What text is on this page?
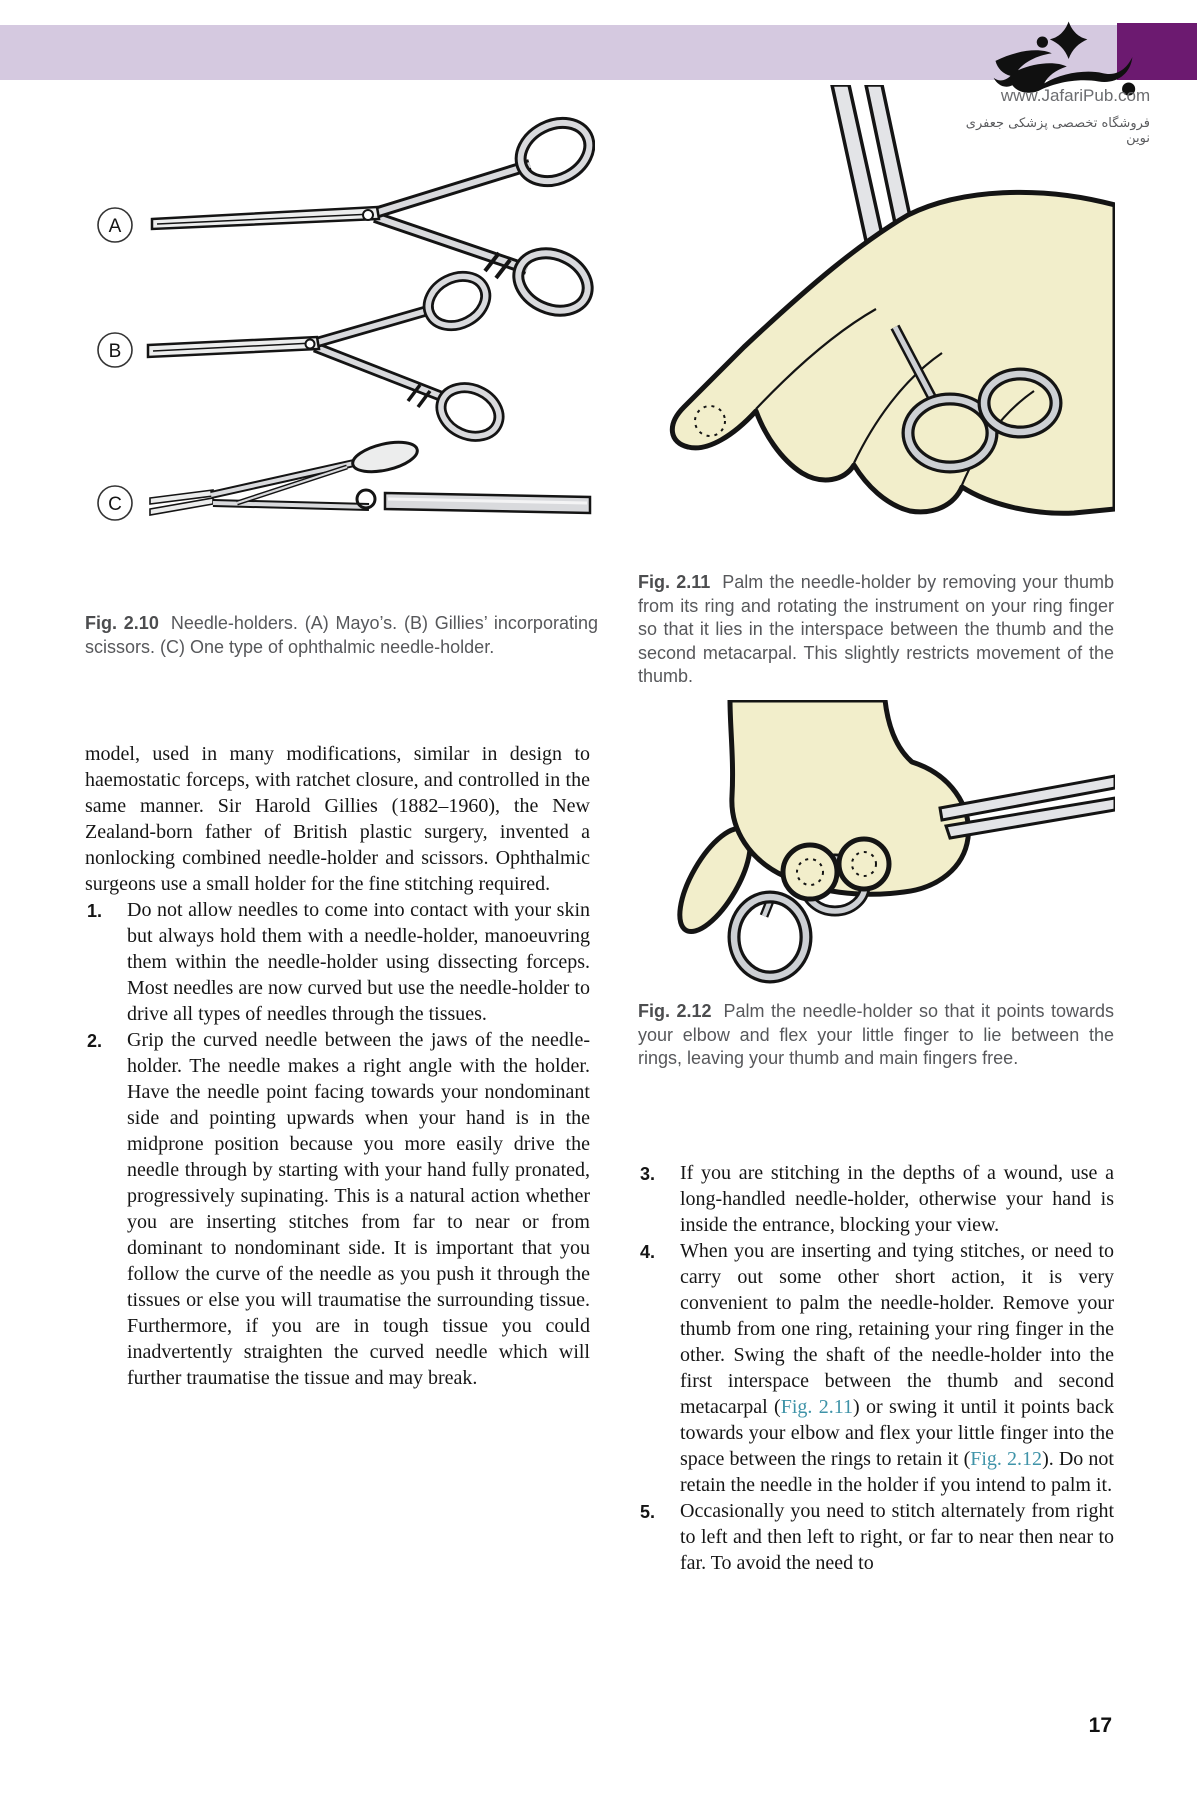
www.JafariPub.com
فروشگاه تخصصی پزشکی جعفری نوین
A
B
C
Fig. 2.10 Needle-holders. (A) Mayo’s. (B) Gillies’ incorporating scissors. (C) One type of ophthalmic needle-holder.

model, used in many modifications, similar in design to haemostatic forceps, with ratchet closure, and controlled in the same manner. Sir Harold Gillies (1882–1960), the New Zealand-born father of British plastic surgery, invented a nonlocking combined needle-holder and scissors. Ophthalmic surgeons use a small holder for the fine stitching required.

1. Do not allow needles to come into contact with your skin but always hold them with a needle-holder, manoeuvring them within the needle-holder using dissecting forceps. Most needles are now curved but use the needle-holder to drive all types of needles through the tissues.
2. Grip the curved needle between the jaws of the needle-holder. The needle makes a right angle with the holder. Have the needle point facing towards your nondominant side and pointing upwards when your hand is in the midprone position because you more easily drive the needle through by starting with your hand fully pronated, progressively supinating. This is a natural action whether you are inserting stitches from far to near or from dominant to nondominant side. It is important that you follow the curve of the needle as you push it through the tissues or else you will traumatise the surrounding tissue. Furthermore, if you are in tough tissue you could inadvertently straighten the curved needle which will further traumatise the tissue and may break.
Fig. 2.11 Palm the needle-holder by removing your thumb from its ring and rotating the instrument on your ring finger so that it lies in the interspace between the thumb and the second metacarpal. This slightly restricts movement of the thumb.
Fig. 2.12 Palm the needle-holder so that it points towards your elbow and flex your little finger to lie between the rings, leaving your thumb and main fingers free.
3. If you are stitching in the depths of a wound, use a long-handled needle-holder, otherwise your hand is inside the entrance, blocking your view.
4. When you are inserting and tying stitches, or need to carry out some other short action, it is very convenient to palm the needle-holder. Remove your thumb from one ring, retaining your ring finger in the other. Swing the shaft of the needle-holder into the first interspace between the thumb and second metacarpal (Fig. 2.11) or swing it until it points back towards your elbow and flex your little finger into the space between the rings to retain it (Fig. 2.12). Do not retain the needle in the holder if you intend to palm it.
5. Occasionally you need to stitch alternately from right to left and then left to right, or far to near then near to far. To avoid the need to
17
